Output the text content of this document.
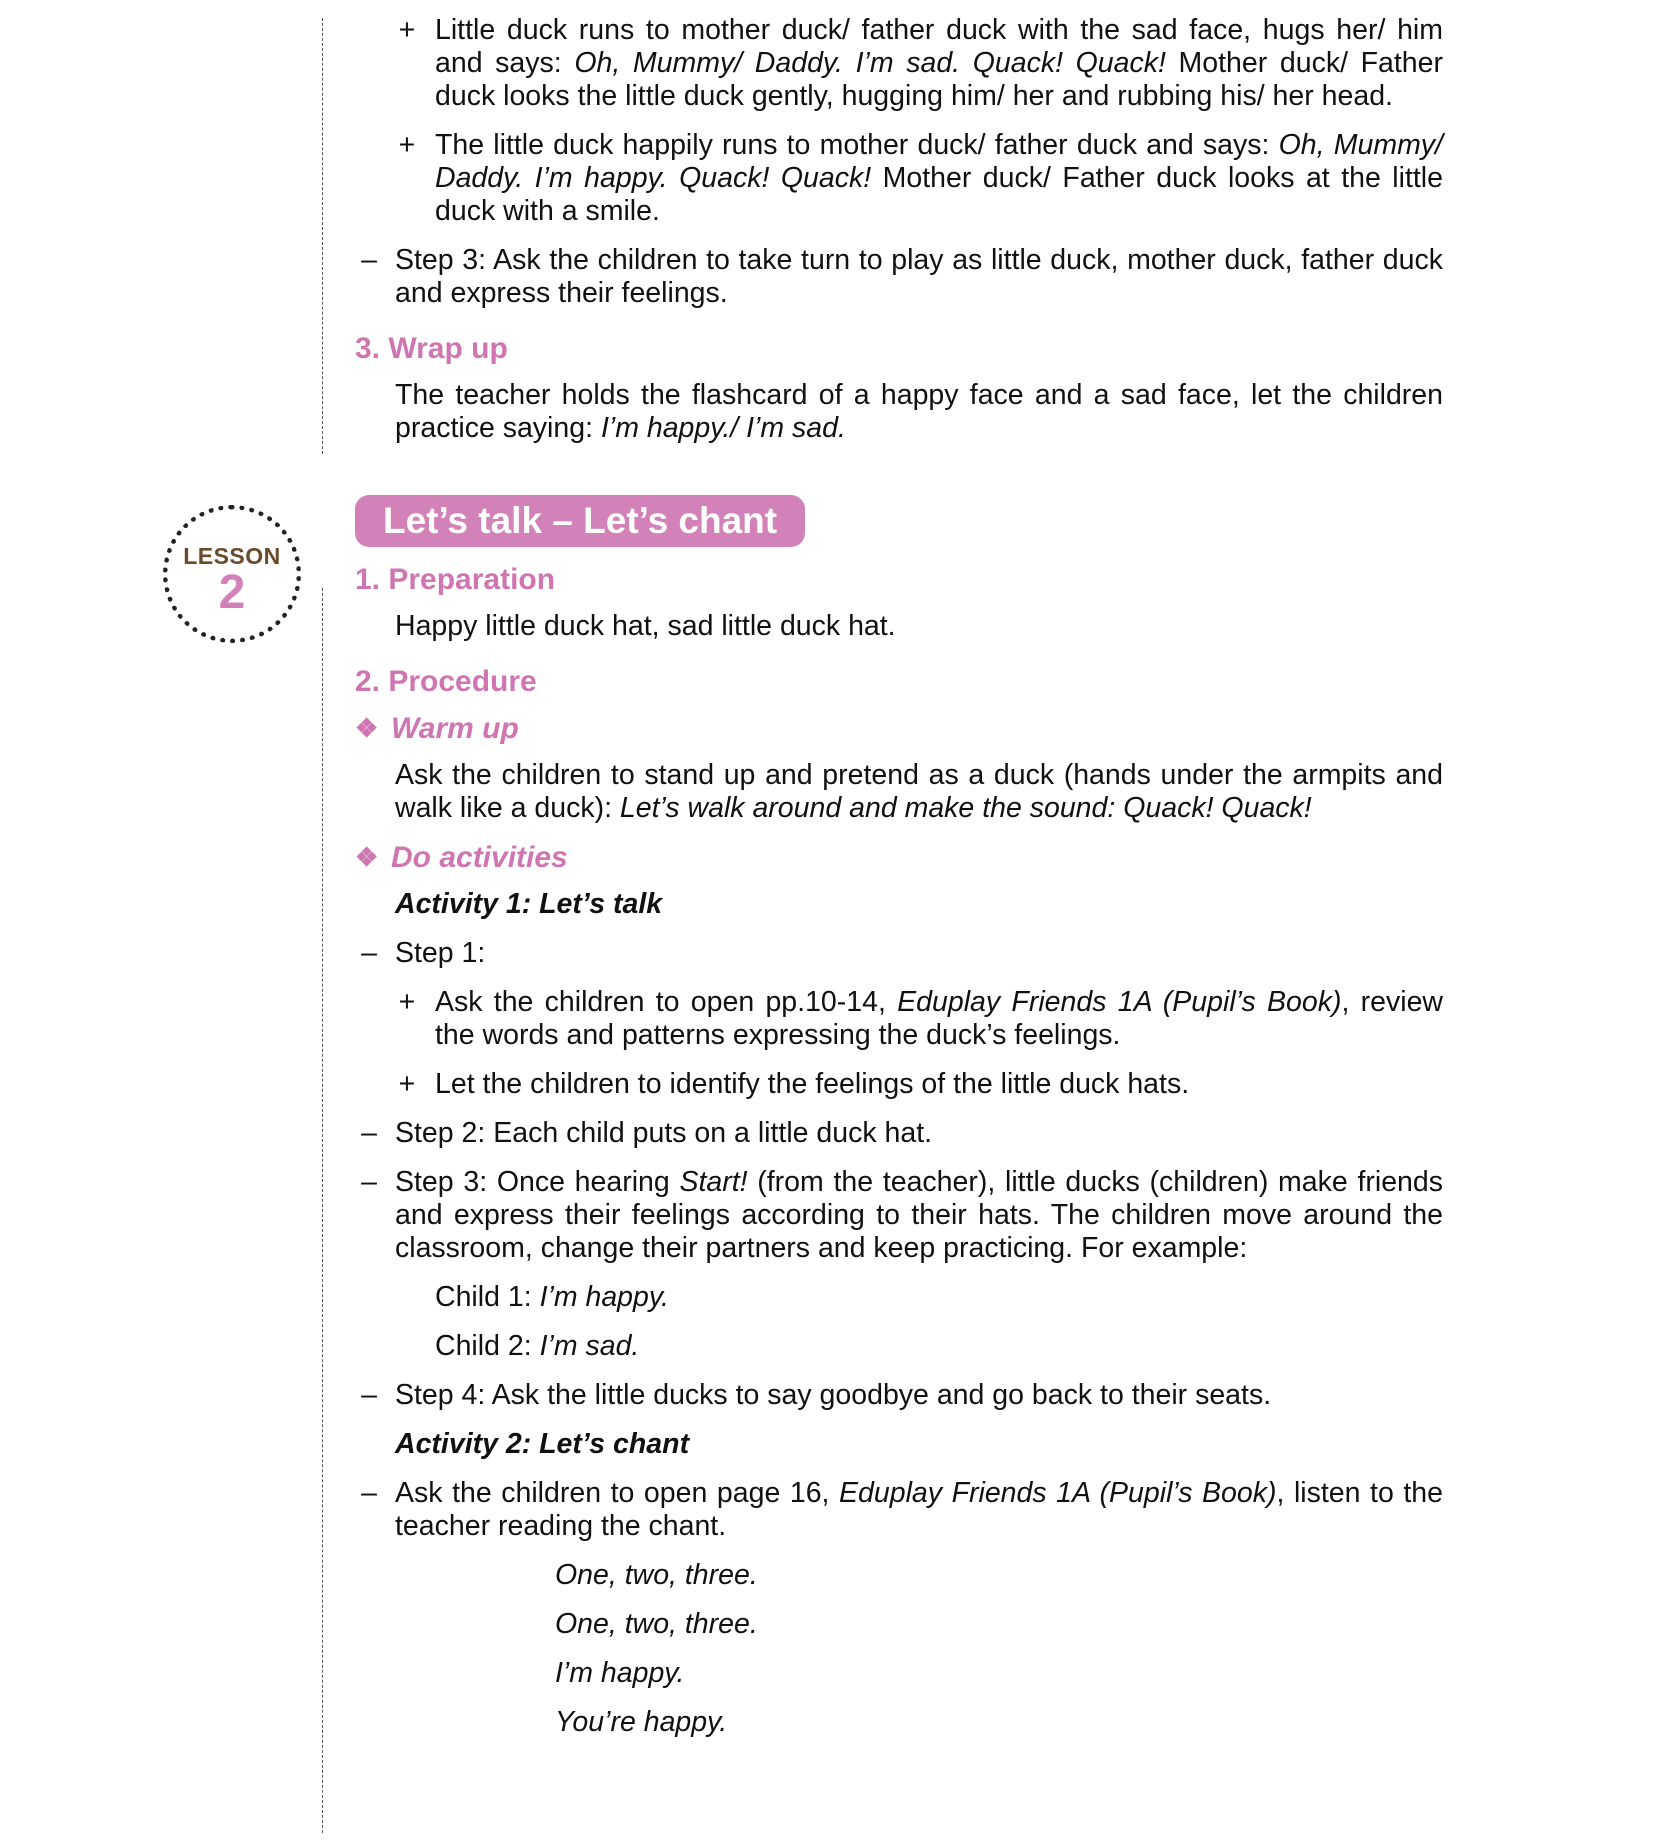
LESSON
2
+ Little duck runs to mother duck/ father duck with the sad face, hugs her/ him and says: Oh, Mummy/ Daddy. I’m sad. Quack! Quack! Mother duck/ Father duck looks the little duck gently, hugging him/ her and rubbing his/ her head.
+ The little duck happily runs to mother duck/ father duck and says: Oh, Mummy/ Daddy. I’m happy. Quack! Quack! Mother duck/ Father duck looks at the little duck with a smile.
– Step 3: Ask the children to take turn to play as little duck, mother duck, father duck and express their feelings.
3. Wrap up
The teacher holds the flashcard of a happy face and a sad face, let the children practice saying: I’m happy./ I’m sad.
Let’s talk – Let’s chant
1. Preparation
Happy little duck hat, sad little duck hat.
2. Procedure
❖ Warm up
Ask the children to stand up and pretend as a duck (hands under the armpits and walk like a duck): Let’s walk around and make the sound: Quack! Quack!
❖ Do activities
Activity 1: Let’s talk
– Step 1:
+ Ask the children to open pp.10-14, Eduplay Friends 1A (Pupil’s Book), review the words and patterns expressing the duck’s feelings.
+ Let the children to identify the feelings of the little duck hats.
– Step 2: Each child puts on a little duck hat.
– Step 3: Once hearing Start! (from the teacher), little ducks (children) make friends and express their feelings according to their hats. The children move around the classroom, change their partners and keep practicing. For example:
Child 1: I’m happy.
Child 2: I’m sad.
– Step 4: Ask the little ducks to say goodbye and go back to their seats.
Activity 2: Let’s chant
– Ask the children to open page 16, Eduplay Friends 1A (Pupil’s Book), listen to the teacher reading the chant.
One, two, three.
One, two, three.
I’m happy.
You’re happy.
